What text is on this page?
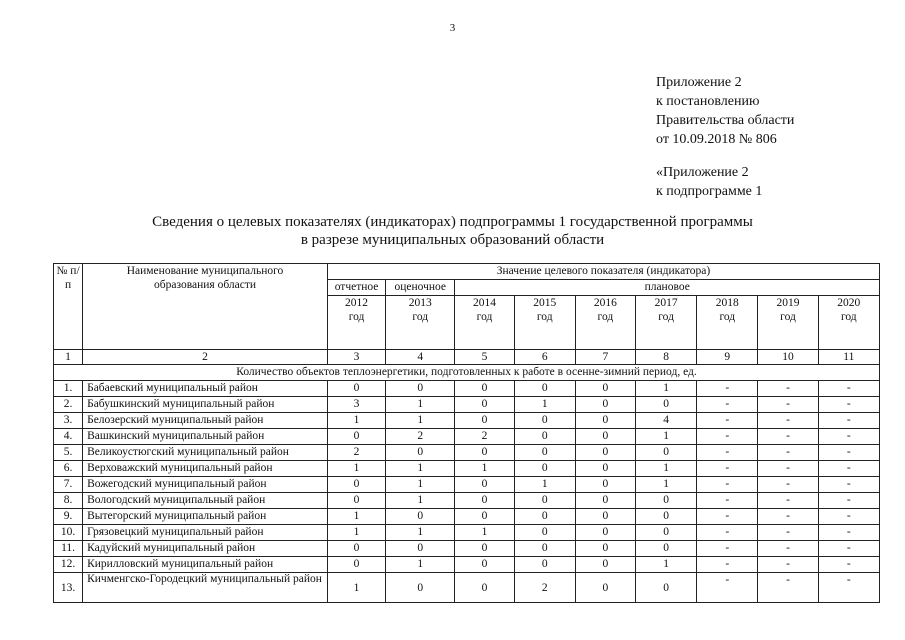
3
Приложение 2
к постановлению
Правительства области
от 10.09.2018 № 806
«Приложение 2
к подпрограмме 1
Сведения о целевых показателях (индикаторах) подпрограммы 1 государственной программы
в разрезе муниципальных образований области
№ п/п	Наименование муниципального образования области	Значение целевого показателя (индикатора)								
		отчетное	оценочное	плановое						
		2012 год	2013 год	2014 год	2015 год	2016 год	2017 год	2018 год	2019 год	2020 год
1	2	3	4	5	6	7	8	9	10	11
Количество объектов теплоэнергетики, подготовленных к работе в осенне-зимний период, ед.										
1.	Бабаевский муниципальный район	0	0	0	0	0	1	-	-	-
2.	Бабушкинский муниципальный район	3	1	0	1	0	0	-	-	-
3.	Белозерский муниципальный район	1	1	0	0	0	4	-	-	-
4.	Вашкинский муниципальный район	0	2	2	0	0	1	-	-	-
5.	Великоустюгский муниципальный район	2	0	0	0	0	0	-	-	-
6.	Верховажский муниципальный район	1	1	1	0	0	1	-	-	-
7.	Вожегодский муниципальный район	0	1	0	1	0	1	-	-	-
8.	Вологодский муниципальный район	0	1	0	0	0	0	-	-	-
9.	Вытегорский муниципальный район	1	0	0	0	0	0	-	-	-
10.	Грязовецкий муниципальный район	1	1	1	0	0	0	-	-	-
11.	Кадуйский муниципальный район	0	0	0	0	0	0	-	-	-
12.	Кирилловский муниципальный район	0	1	0	0	0	1	-	-	-
13.	Кичменгско-Городецкий муниципальный район	1	0	0	2	0	0	-	-	-
